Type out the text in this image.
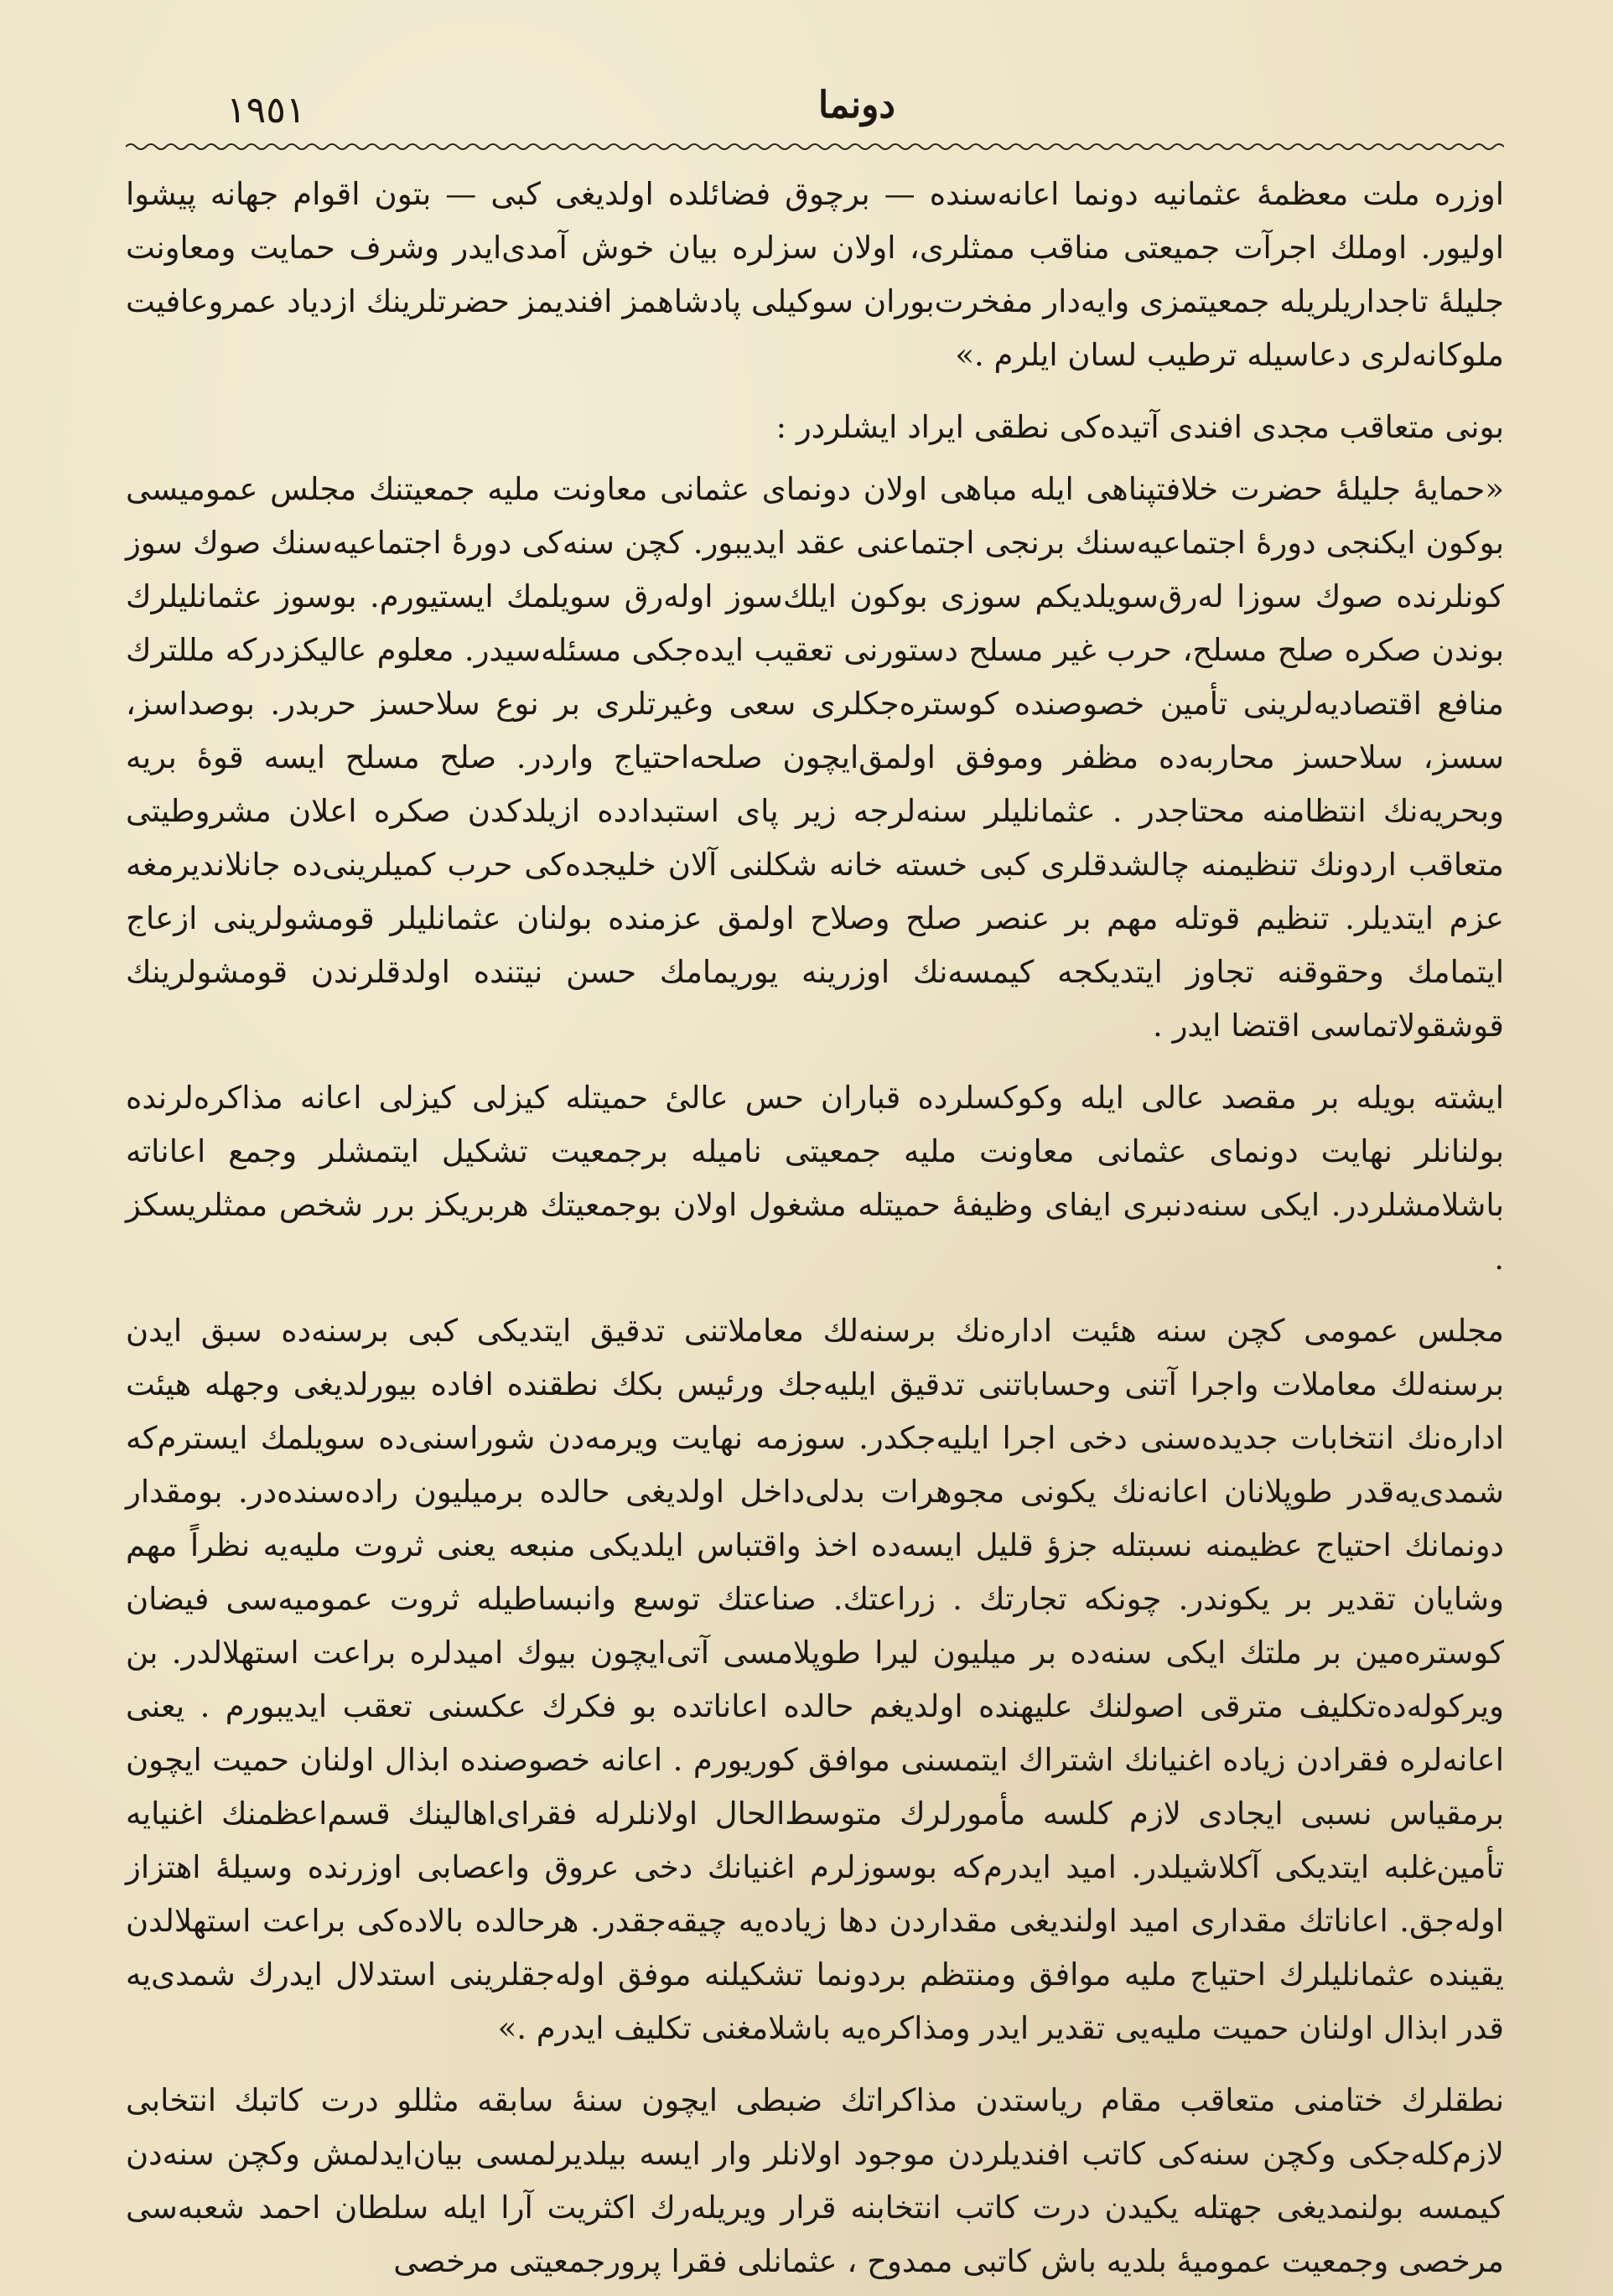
١٩٥١	دونما

اوزره ملت معظمهٔ عثمانیه دونما اعانه‌سنده — برچوق فضائلده اولدیغی کبی — بتون اقوام جهانه پیشوا اوليور. اوملك اجرآت جميعتی مناقب ممثلری، اولان سزلره بیان خوش آمدی‌ایدر وشرف حمایت ومعاونت جلیلهٔ تاجداریلریله جمعیتمزی وایه‌دار مفخرت‌بوران سوکیلی پادشاهمز افندیمز حضرتلرینك ازدیاد عمروعافیت ملوکانه‌لری دعاسیله ترطیب لسان ایلرم .»

بونی متعاقب مجدی افندی آتیده‌کی نطقی ایراد ایشلردر :

«حمایهٔ جلیلهٔ حضرت خلافتپناهی ایله مباهی اولان دونمای عثمانی معاونت ملیه جمعیتنك مجلس عمومیسی بوکون ایکنجی دورهٔ اجتماعیه‌سنك برنجی اجتماعنی عقد ایدیبور. کچن سنه‌کی دورهٔ اجتماعیه‌سنك صوك سوز کونلرنده صوك سوزا له‌رق‌سویلدیکم سوزی بوکون ایلك‌سوز اوله‌رق سویلمك ایستیورم. بوسوز عثمانلیلرك بوندن صکره صلح مسلح، حرب غیر مسلح دستورنی تعقیب ایده‌جکی مسئله‌سیدر. معلوم عالیکزدرکه مللترك منافع اقتصادیه‌لرینی تأمین خصوصنده کوستره‌جکلری سعی وغیرتلری بر نوع سلاحسز حربدر. بوصداسز، سسز، سلاحسز محاربه‌ده مظفر وموفق اولمق‌ایچون صلحه‌احتیاج واردر. صلح مسلح ایسه قوهٔ بریه وبحریه‌نك انتظامنه محتاجدر . عثمانلیلر سنه‌لرجه زیر پای استبدادده ازیلدکدن صکره اعلان مشروطیتی متعاقب اردونك تنظیمنه چالشدقلری کبی خسته خانه شکلنی آلان خلیجده‌کی حرب کمیلرینی‌ده جانلاندیرمغه عزم ایتدیلر. تنظیم قوتله مهم بر عنصر صلح وصلاح اولمق عزمنده بولنان عثمانلیلر قومشولرینی ازعاج ایتمامك وحقوقنه تجاوز ایتدیکجه کیمسه‌نك اوزرینه یوریمامك حسن نیتنده اولدقلرندن قومشولرینك قوشقولاتماسی اقتضا ایدر .

ایشته بویله بر مقصد عالی ایله وکوکسلرده قباران حس عالیٔ حمیتله کیزلی کیزلی اعانه مذاکره‌لرنده بولنانلر نهایت دونمای عثمانی معاونت ملیه جمعیتی نامیله برجمعیت تشکیل ایتمشلر وجمع اعاناته باشلامشلردر. ایکی سنه‌دنبری ایفای وظیفهٔ حمیتله مشغول اولان بوجمعیتك هربریکز برر شخص ممثلریسکز .

مجلس عمومی کچن سنه هئیت اداره‌نك برسنه‌لك معاملاتنی تدقیق ایتدیکی کبی برسنه‌ده سبق ایدن برسنه‌لك معاملات واجرا آتنی وحساباتنی تدقیق ایلیه‌جك ورئیس بکك نطقنده افاده بیورلدیغی وجهله هیئت اداره‌نك انتخابات جدیده‌سنی دخی اجرا ایلیه‌جکدر. سوزمه نهایت ویرمه‌دن شورا‌سنی‌ده سویلمك ایسترم‌که شمدی‌یه‌قدر طوپلانان اعانه‌نك یکونی مجوهرات بدلی‌داخل اولدیغی حالده برمیلیون راده‌سنده‌در. بومقدار دونمانك احتیاج عظیمنه نسبتله جزؤ قلیل ایسه‌ده اخذ واقتباس ایلدیکی منبعه یعنی ثروت ملیه‌یه نظراً مهم وشایان تقدیر بر یکوندر. چونکه تجارتك . زراعتك. صناعتك توسع وانبساطیله ثروت عمومیه‌سی فیضان کوستره‌مین بر ملتك ایکی سنه‌ده بر میلیون لیرا طوپلامسی آتی‌ایچون بیوك امیدلره براعت استهلالدر. بن ویرکوله‌ده‌تکلیف مترقی اصولنك علیهنده اولدیغم حالده اعاناتده بو فکرك عکسنی تعقب ایدیبورم . یعنی اعانه‌لره فقرادن زیاده اغنیانك اشتراك ایتمسنی موافق کوریورم . اعانه خصوصنده ابذال اولنان حمیت ایچون برمقیاس نسبی ایجادی لازم کلسه مأمورلرك متوسط‌الحال اولانلرله فقرای‌اهالینك قسم‌اعظمنك اغنیایه تأمین‌غلبه ایتدیکی آکلاشیلدر. امید ایدرم‌که بوسوزلرم اغنیانك دخی عروق واعصابی اوزرنده وسیلهٔ اهتزاز اوله‌جق. اعاناتك مقداری امید اولندیغی مقداردن دها زیاده‌یه چیقه‌جقدر. هرحالده بالاده‌کی براعت استهلالدن یقینده عثمانلیلرك احتیاج ملیه موافق ومنتظم بردونما تشکیلنه موفق اوله‌جقلرینی استدلال ایدرك شمدی‌یه قدر ابذال اولنان حمیت ملیه‌یی تقدیر ایدر ومذاکره‌یه باشلامغنی تکلیف ایدرم .»

نطقلرك ختامنی متعاقب مقام ریاستدن مذاکراتك ضبطی ایچون سنهٔ سابقه مثللو درت کاتبك انتخابی لازم‌کله‌جکی وکچن سنه‌کی کاتب افندیلردن موجود اولانلر وار ایسه بیلدیرلمسی بیان‌ایدلمش وکچن سنه‌دن کیمسه بولنمدیغی جهتله یکیدن درت کاتب انتخابنه قرار ویریله‌رك اکثریت آرا ایله سلطان احمد شعبه‌سی مرخصی وجمعیت عمومیهٔ بلدیه باش کاتبی ممدوح ، عثمانلی فقرا پرورجمعیتی مرخصی
